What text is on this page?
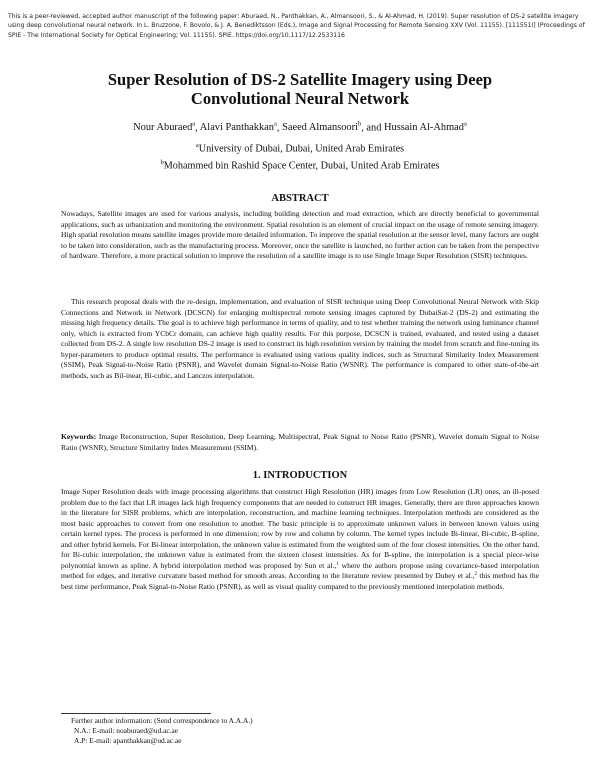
This is a peer-reviewed, accepted author manuscript of the following paper: Aburaed, N., Panthakkan, A., Almansoori, S., & Al-Ahmad, H. (2019). Super resolution of DS-2 satellite imagery using deep convolutional neural network. In L. Bruzzone, F. Bovolo, & J. A. Benediktsson (Eds.), Image and Signal Processing for Remote Sensing XXV (Vol. 11155). [111551I] (Proceedings of SPIE - The International Society for Optical Engineering; Vol. 11155). SPIE. https://doi.org/10.1117/12.2533116
Super Resolution of DS-2 Satellite Imagery using Deep Convolutional Neural Network
Nour Aburaed$^a$, Alavi Panthakkan$^a$, Saeed Almansoori$^b$, and Hussain Al-Ahmad$^a$
$^a$University of Dubai, Dubai, United Arab Emirates
$^b$Mohammed bin Rashid Space Center, Dubai, United Arab Emirates
ABSTRACT

Nowadays, Satellite images are used for various analysis, including building detection and road extraction, which are directly beneficial to governmental applications, such as urbanization and monitoring the environment. Spatial resolution is an element of crucial impact on the usage of remote sensing imagery. High spatial resolution means satellite images provide more detailed information. To improve the spatial resolution at the sensor level, many factors are ought to be taken into consideration, such as the manufacturing process. Moreover, once the satellite is launched, no further action can be taken from the perspective of hardware. Therefore, a more practical solution to improve the resolution of a satellite image is to use Single Image Super Resolution (SISR) techniques.

This research proposal deals with the re-design, implementation, and evaluation of SISR technique using Deep Convolutional Neural Network with Skip Connections and Network in Network (DCSCN) for enlarging multispectral remote sensing images captured by DubaiSat-2 (DS-2) and estimating the missing high frequency details. The goal is to achieve high performance in terms of quality, and to test whether training the network using luminance channel only, which is extracted from YCbCr domain, can achieve high quality results. For this purpose, DCSCN is trained, evaluated, and tested using a dataset collected from DS-2. A single low resolution DS-2 image is used to construct its high resolution version by training the model from scratch and fine-tuning its hyper-parameters to produce optimal results. The performance is evaluated using various quality indices, such as Structural Similarity Index Measurement (SSIM), Peak Signal-to-Noise Ratio (PSNR), and Wavelet domain Signal-to-Noise Ratio (WSNR). The performance is compared to other state-of-the-art methods, such as Bil-inear, Bi-cubic, and Lanczos interpolation.

Keywords: Image Reconstruction, Super Resolution, Deep Learning, Multispectral, Peak Signal to Noise Ratio (PSNR), Wavelet domain Signal to Noise Ratio (WSNR), Structure Similarity Index Measurement (SSIM).

1. INTRODUCTION

Image Super Resolution deals with image processing algorithms that construct High Resolution (HR) images from Low Resolution (LR) ones, an ill-posed problem due to the fact that LR images lack high frequency components that are needed to construct HR images. Generally, there are three approaches known in the literature for SISR problems, which are interpolation, reconstruction, and machine learning techniques. Interpolation methods are considered as the most basic approaches to convert from one resolution to another. The basic principle is to approximate unknown values in between known values using certain kernel types. The process is performed in one dimension; row by row and column by column. The kernel types include Bi-linear, Bi-cubic, B-spline, and other hybrid kernels. For Bi-linear interpolation, the unknown value is estimated from the weighted sum of the four closest intensities. On the other hand, for Bi-cubic interpolation, the unknown value is estimated from the sixteen closest intensities. As for B-spline, the interpolation is a special piece-wise polynomial known as spline. A hybrid interpolation method was proposed by Sun et al.,$^1$ where the authors propose using covariance-based interpolation method for edges, and iterative curvature based method for smooth areas. According to the literature review presented by Dubey et al.,$^2$ this method has the best time performance, Peak Signal-to-Noise Ratio (PSNR), as well as visual quality compared to the previously mentioned interpolation methods.

Further author information: (Send correspondence to A.A.A.)
N.A.: E-mail: noaburaed@ud.ac.ae
A.P: E-mail: apanthakkan@ud.ac.ae
